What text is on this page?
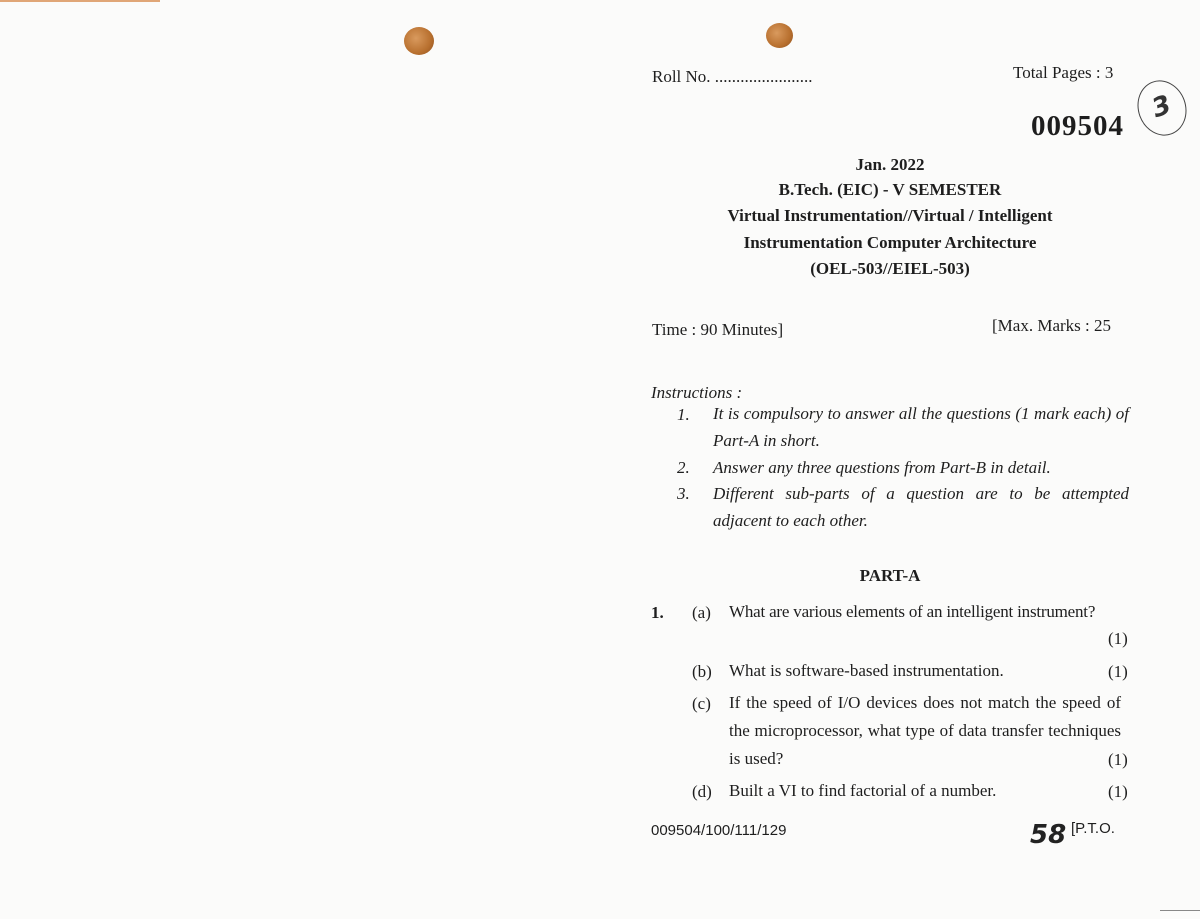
Roll No. .......................	Total Pages : 3
009504
3
Jan. 2022
B.Tech. (EIC) - V SEMESTER
Virtual Instrumentation//Virtual / Intelligent
Instrumentation Computer Architecture
(OEL-503//EIEL-503)
Time : 90 Minutes]	[Max. Marks : 25
Instructions :
1. It is compulsory to answer all the questions (1 mark each) of Part-A in short.
2. Answer any three questions from Part-B in detail.
3. Different sub-parts of a question are to be attempted adjacent to each other.
PART-A
1. (a) What are various elements of an intelligent instrument?
(1)
(b) What is software-based instrumentation.	(1)
(c) If the speed of I/O devices does not match the speed of the microprocessor, what type of data transfer techniques is used?	(1)
(d) Built a VI to find factorial of a number.	(1)
009504/100/111/129	58 [P.T.O.
